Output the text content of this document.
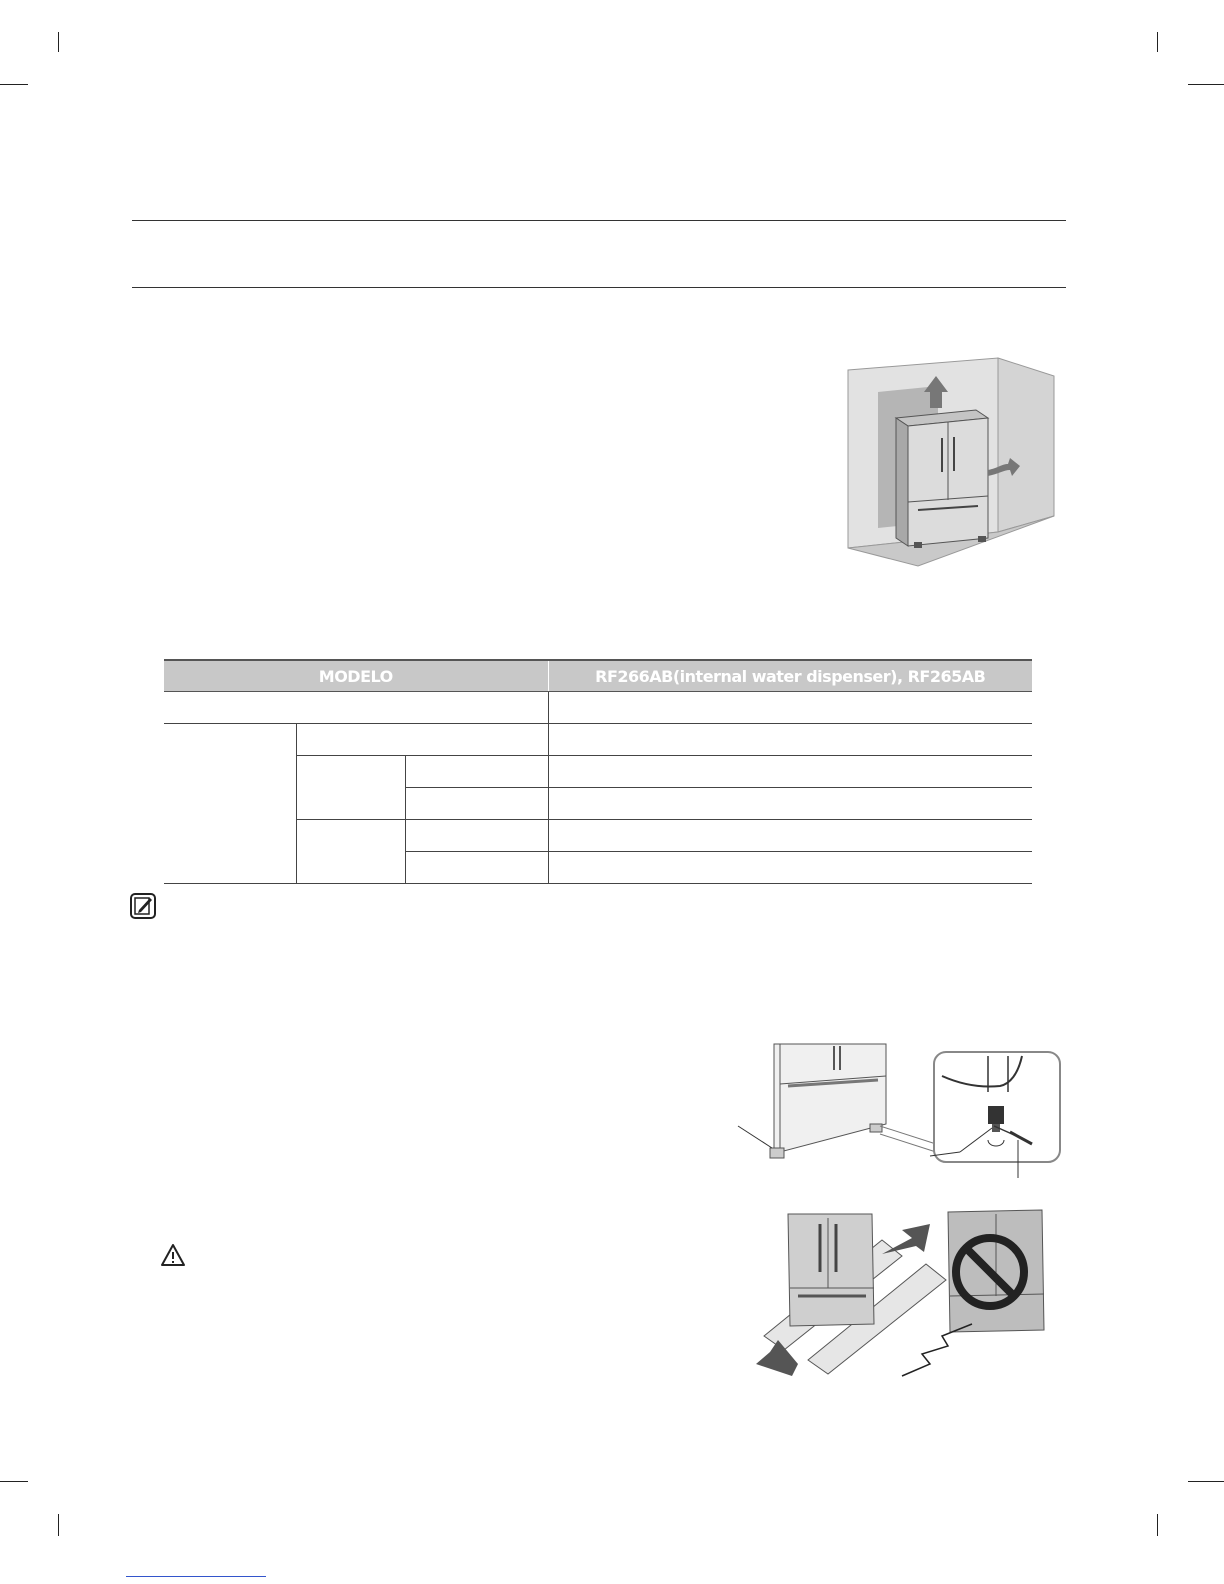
MODELO			RF266AB(internal water dispenser), RF265AB
